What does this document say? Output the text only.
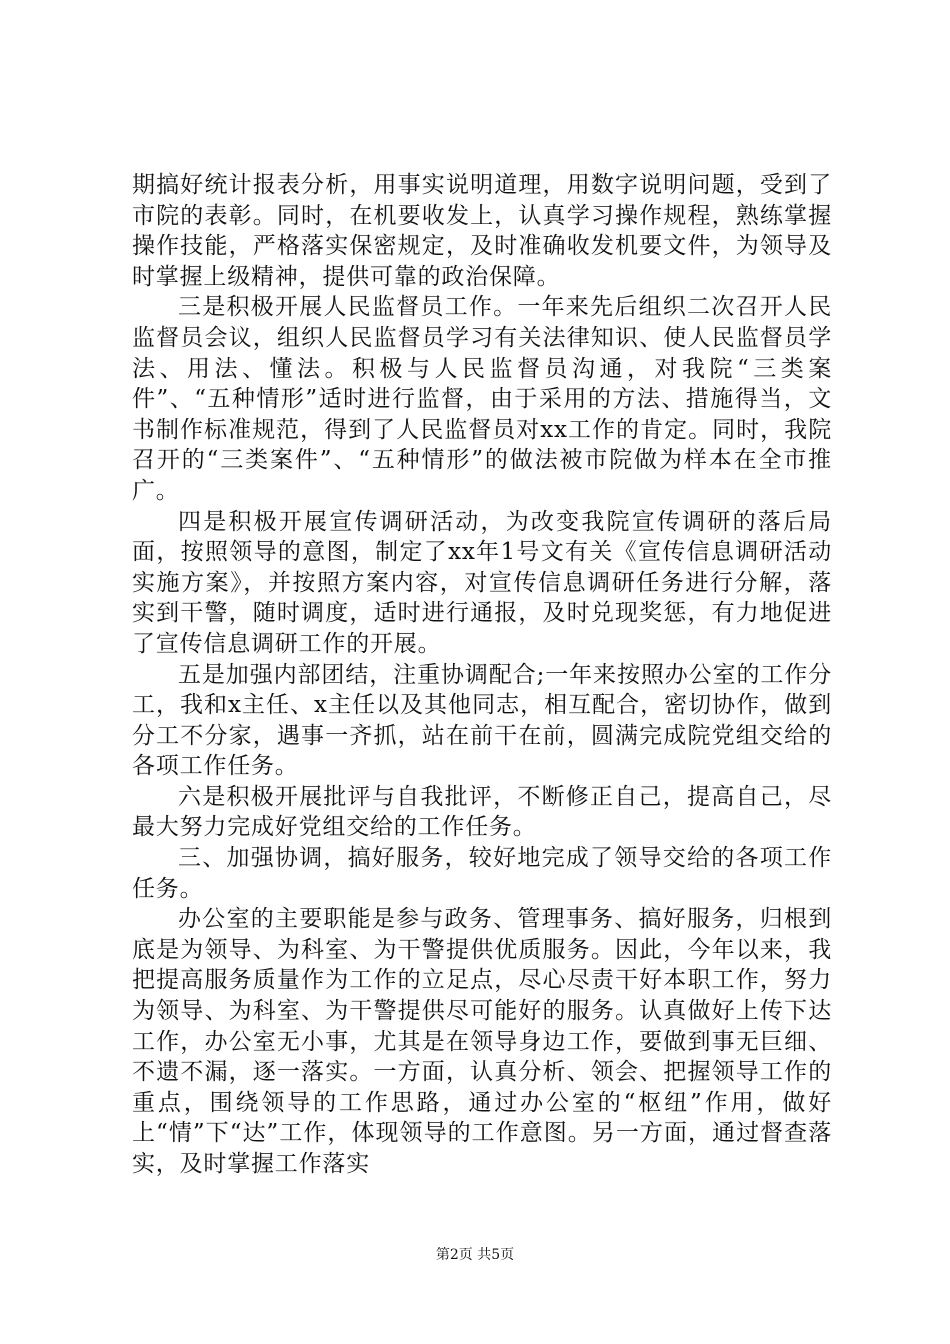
期搞好统计报表分析，用事实说明道理，用数字说明问题，受到了市院的表彰。同时，在机要收发上，认真学习操作规程，熟练掌握操作技能，严格落实保密规定，及时准确收发机要文件，为领导及时掌握上级精神，提供可靠的政治保障。

三是积极开展人民监督员工作。一年来先后组织二次召开人民监督员会议，组织人民监督员学习有关法律知识、使人民监督员学法、用法、懂法。积极与人民监督员沟通，对我院“三类案件”、“五种情形”适时进行监督，由于采用的方法、措施得当，文书制作标准规范，得到了人民监督员对xx工作的肯定。同时，我院召开的“三类案件”、“五种情形”的做法被市院做为样本在全市推广。

四是积极开展宣传调研活动，为改变我院宣传调研的落后局面，按照领导的意图，制定了xx年1号文有关《宣传信息调研活动实施方案》，并按照方案内容，对宣传信息调研任务进行分解，落实到干警，随时调度，适时进行通报，及时兑现奖惩，有力地促进了宣传信息调研工作的开展。

五是加强内部团结，注重协调配合;一年来按照办公室的工作分工，我和x主任、x主任以及其他同志，相互配合，密切协作，做到分工不分家，遇事一齐抓，站在前干在前，圆满完成院党组交给的各项工作任务。

六是积极开展批评与自我批评，不断修正自己，提高自己，尽最大努力完成好党组交给的工作任务。

三、加强协调，搞好服务，较好地完成了领导交给的各项工作任务。

办公室的主要职能是参与政务、管理事务、搞好服务，归根到底是为领导、为科室、为干警提供优质服务。因此，今年以来，我把提高服务质量作为工作的立足点，尽心尽责干好本职工作，努力为领导、为科室、为干警提供尽可能好的服务。认真做好上传下达工作，办公室无小事，尤其是在领导身边工作，要做到事无巨细、不遗不漏，逐一落实。一方面，认真分析、领会、把握领导工作的重点，围绕领导的工作思路，通过办公室的“枢纽”作用，做好上“情”下“达”工作，体现领导的工作意图。另一方面，通过督查落实，及时掌握工作落实

第2页 共5页
